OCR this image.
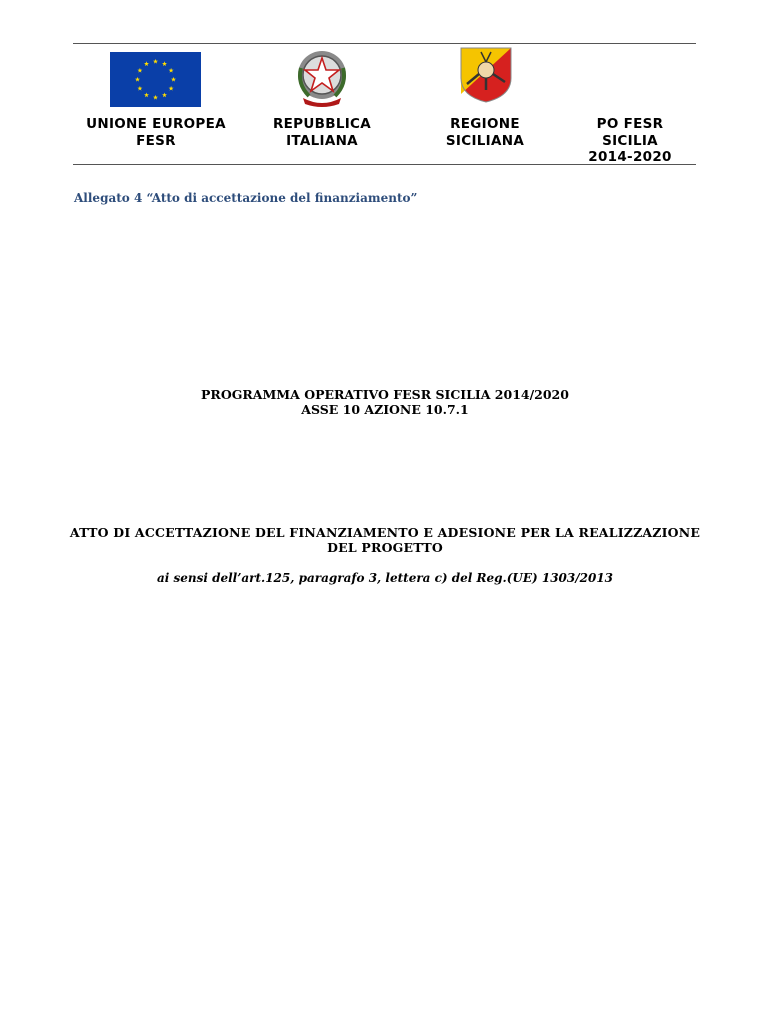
UNIONE EUROPEA
FESR
REPUBBLICA
ITALIANA
REGIONE
SICILIANA
PO FESR
SICILIA
2014-2020
Allegato 4 “Atto di accettazione del finanziamento”
PROGRAMMA OPERATIVO FESR SICILIA 2014/2020
ASSE 10 AZIONE 10.7.1
ATTO DI ACCETTAZIONE DEL FINANZIAMENTO E ADESIONE PER LA REALIZZAZIONE
DEL PROGETTO
ai sensi dell’art.125, paragrafo 3, lettera c) del Reg.(UE) 1303/2013
